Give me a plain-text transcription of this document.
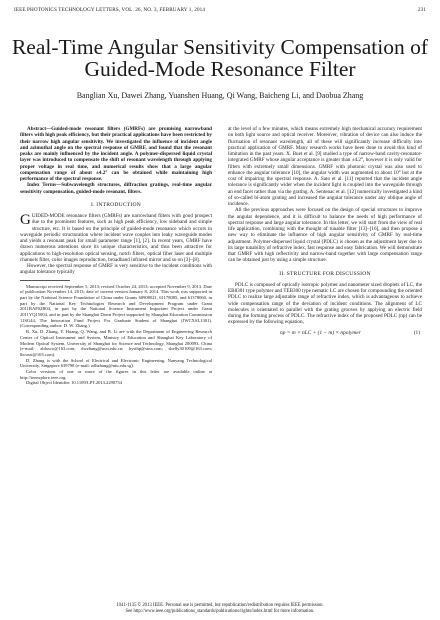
IEEE PHOTONICS TECHNOLOGY LETTERS, VOL. 26, NO. 3, FEBRUARY 1, 2014	231
Real-Time Angular Sensitivity Compensation of Guided-Mode Resonance Filter
Banglian Xu, Dawei Zhang, Yuanshen Huang, Qi Wang, Baicheng Li, and Daobua Zhang

Abstract—Guided-mode resonant filters (GMRFs) are promising narrowband filters with high peak efficiency, but their practical applications have been restricted by their narrow high angular sensitivity. We investigated the influence of incident angle and azimuthal angle on the spectral response of GMRF, and found that the resonant peaks are mainly influenced by the incident angle. A polymer-dispersed liquid crystal layer was introduced to compensate the shift of resonant wavelength through applying proper voltage in real time, and numerical results show that a large angular compensation range of about ±4.2° can be obtained while maintaining high performance of the spectral response.

Index Terms—Subwavelength structures, diffraction gratings, real-time angular sensitivity compensation, guided-mode resonant, filters.

I. INTRODUCTION

GUIDED-MODE resonance filters (GMRFs) are narrowband filters with good prospect due to the prominent features, such as high peak efficiency, low sideband and simple structure, etc. It is based on the principle of guided-mode resonance which occurs in waveguide periodic structuration where incident wave couples into leaky waveguide modes and yields a resonant peak for small parameter range [1], [2]. In recent years, GMRF have drawn numerous attentions since its unique characteristics, and thus been attractive for applications to high-resolution optical sensing, notch filters, optical fiber laser and multiple channels filter, color images reproduction, broadband infrared mirror and so on [3]–[8].

However, the spectral response of GMRF is very sensitive to the incident conditions with angular tolerance typically

Manuscript received September 5, 2013; revised October 24, 2013; accepted November 9, 2013. Date of publication November 14, 2013; date of current version January 8, 2014. This work was supported in part by the National Science Foundation of China under Grants 60908021, 61178085, and 61378060, in part by the National Key Technologies Research and Development Program under Grant 2011BAF02B04, in part by the National Science Instrument Important Project under Grant 2011YQ15004, and in part by the Shanghai Dawn Project supported by Shanghai Education Commission 11SG44, The Innovation Fund Project For Graduate Student of Shanghai (JWCXSL1301). (Corresponding author: D. W. Zhang.)

B. Xu, D. Zhang, Y. Huang, Q. Wang, and B. Li are with the Department of Engineering Research Center of Optical Instrument and System, Ministry of Education and Shanghai Key Laboratory of Modern Optical System, University of Shanghai for Science and Technology, Shanghai 200093, China (e-mail: xblxsco@163.com; dwzhang@usst.edu.cn; hysthp@sina.com; shelly30100@163.com; lbcusst@163.com).

D. Zhang is with the School of Electrical and Electronic Engineering, Nanyang Technological University, Singapore 639798 (e-mail: zdhzhang@ntu.edu.sg).

Color versions of one or more of the figures in this letter are available online at http://ieeexplore.ieee.org.

Digital Object Identifier 10.1109/LPT.2013.2290734

at the level of a few minutes, which means extremely high mechanical accuracy requirement on both light source and optical receiver. Moreover, vibration of device can also induce the fluctuation of resonant wavelength, all of these will significantly increase difficulty into practical application of GMRF. Many research works have been done to avoid this kind of limitation in the past years. X. Buet et al. [9] studied a type of narrow-band cavity-resonator-integrated GMRF whose angular acceptance is greater than ±4.2°, however it is only valid for filters with extremely small dimensions. GMRF with photonic crystal was also used to enhance the angular tolerance [10], the angular width was augmented to about 10° but at the cost of impairing the spectral response. A. Sato et al. [11] reported that the incident angle tolerance is significantly wider when the incident light is coupled into the waveguide through an end facet rather than via the grating. A. Sentenac et al. [12] numerically investigated a kind of so-called bi-atom grating and increased the angular tolerance under any oblique angle of incidence.

All the previous approaches were focused on the design of special structures to improve the angular dependence, and it is difficult to balance the needs of high performance of spectral response and large angular tolerance. In this letter, we will start from the view of real life application, combining with the thought of tunable filter [13]–[16], and then propose a new way to eliminate the influence of high angular sensitivity of GMRF by real-time adjustment. Polymer-dispersed liquid crystal (PDLC) is chosen as the adjustment layer due to its large tunability of refractive index, fast response and easy fabrication. We will demonstrate that GMRF with high reflectivity and narrow-band together with large compensation range can be obtained just by using a simple structure.

II. STRUCTURE FOR DISCUSSION

PDLC is composed of optically isotropic polymer and nanometer sized droplets of LC, the EB8301 type polymer and TEB300 type nematic LC are chosen for compounding the oriented PDLC to realize large adjustable range of refractive index, which is advantageous to achieve wide compensation range of the deviation of incident conditions. The alignment of LC molecules is orientated to parallel with the grating grooves by applying an electric field during the forming process of PDLC. The refractive index of the proposed PDLC (np) can be expressed by the following equation,

np = m × nLC + (1 − m) × npolymer	(1)
1041-1135 © 2013 IEEE. Personal use is permitted, but republication/redistribution requires IEEE permission.
See http://www.ieee.org/publications_standards/publications/rights/index.html for more information.
